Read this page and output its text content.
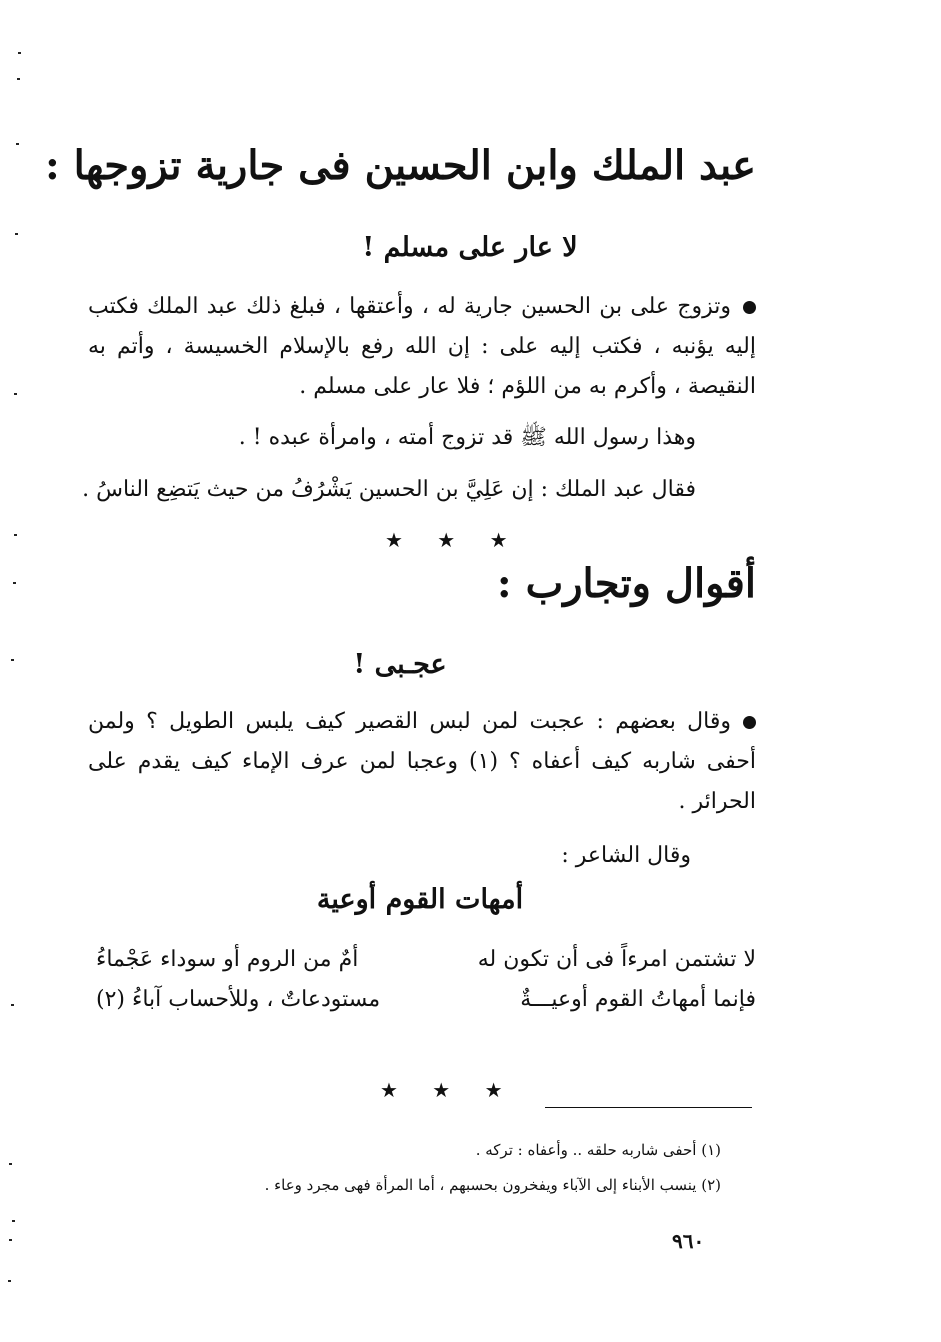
عبد الملك وابن الحسين فى جارية تزوجها :
لا عار على مسلم !
وتزوج على بن الحسين جارية له ، وأعتقها ، فبلغ ذلك عبد الملك فكتب إليه يؤنبه ، فكتب إليه على : إن الله رفع بالإسلام الخسيسة ، وأتم به النقيصة ، وأكرم به من اللؤم ؛ فلا عار على مسلم .
وهذا رسول الله ﷺ قد تزوج أمته ، وامرأة عبده ! .
فقال عبد الملك : إن عَلِيَّ بن الحسين يَشْرُفُ من حيث يَتضِع الناسُ .
★ ★ ★
أقوال وتجارب :
عجـبى !
وقال بعضهم : عجبت لمن لبس القصير كيف يلبس الطويل ؟ ولمن أحفى شاربه كيف أعفاه ؟ (١) وعجبا لمن عرف الإماء كيف يقدم على الحرائر .
وقال الشاعر :
أمهات القوم أوعية
لا تشتمن امرءاً فى أن تكون له
أمٌ من الروم أو سوداء عَجْماءُ
فإنما أمهاتُ القوم أوعيـــةٌ
مستودعاتٌ ، وللأحساب آباءُ (٢)
★ ★ ★
(١) أحفى شاربه حلقه .. وأعفاه : تركه .
(٢) ينسب الأبناء إلى الآباء ويفخرون بحسبهم ، أما المرأة فهى مجرد وعاء .
٩٦٠
